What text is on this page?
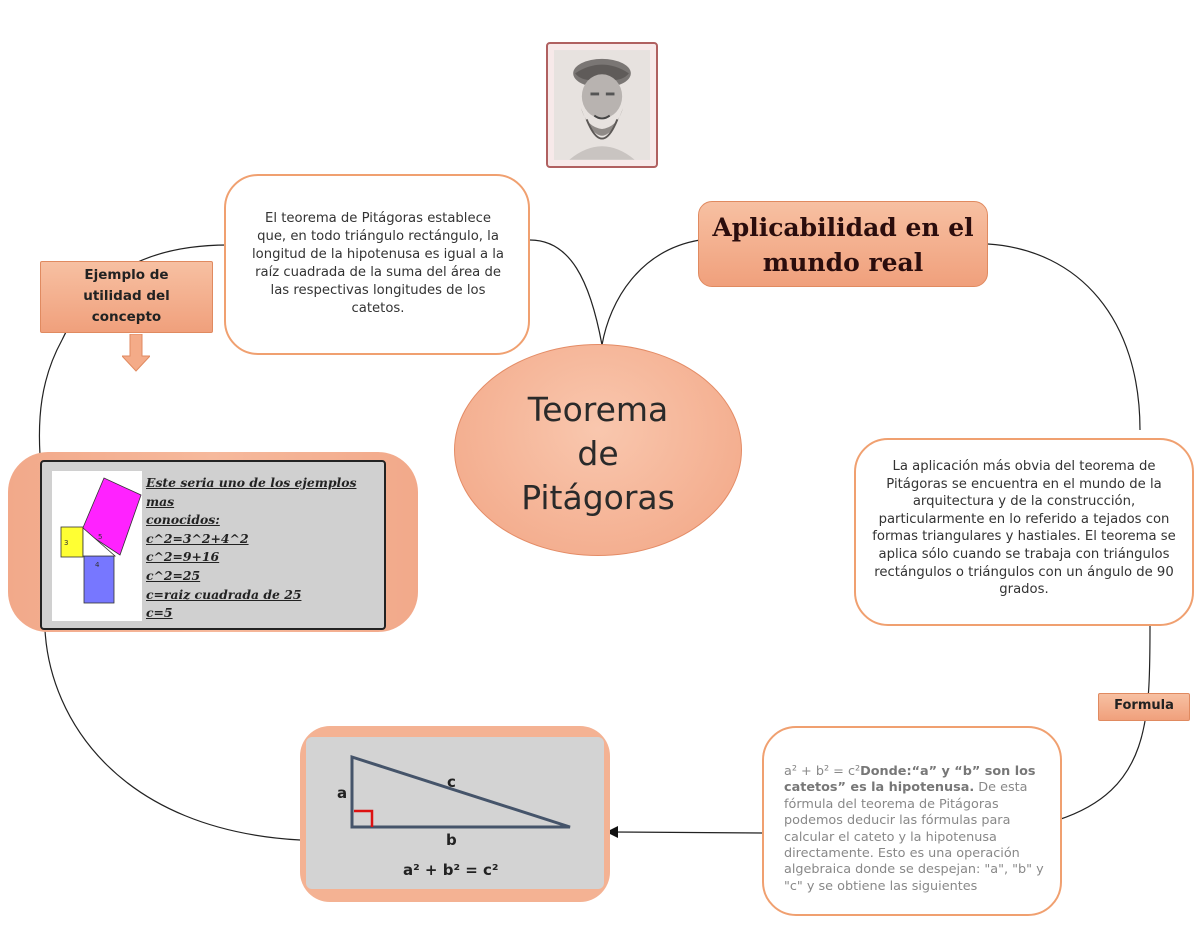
El teorema de Pitágoras establece que, en todo triángulo rectángulo, la longitud de la hipotenusa es igual a la raíz cuadrada de la suma del área de las respectivas longitudes de los catetos.
Teorema
de
Pitágoras
Aplicabilidad en el
mundo real
La aplicación más obvia del teorema de Pitágoras se encuentra en el mundo de la arquitectura y de la construcción, particularmente en lo referido a tejados con formas triangulares y hastiales. El teorema se aplica sólo cuando se trabaja con triángulos rectángulos o triángulos con un ángulo de 90 grados.
Formula
a² + b² = c²Donde:“a” y “b” son los catetos” es la hipotenusa. De esta fórmula del teorema de Pitágoras podemos deducir las fórmulas para calcular el cateto y la hipotenusa directamente. Esto es una operación algebraica donde se despejan: "a", "b" y "c" y se obtiene las siguientes
Ejemplo de
utilidad del
concepto
3
4
5
Este seria uno de los ejemplos mas
conocidos:
c^2=3^2+4^2
c^2=9+16
c^2=25
c=raiz cuadrada de 25
c=5
a
c
b
a² + b² = c²
